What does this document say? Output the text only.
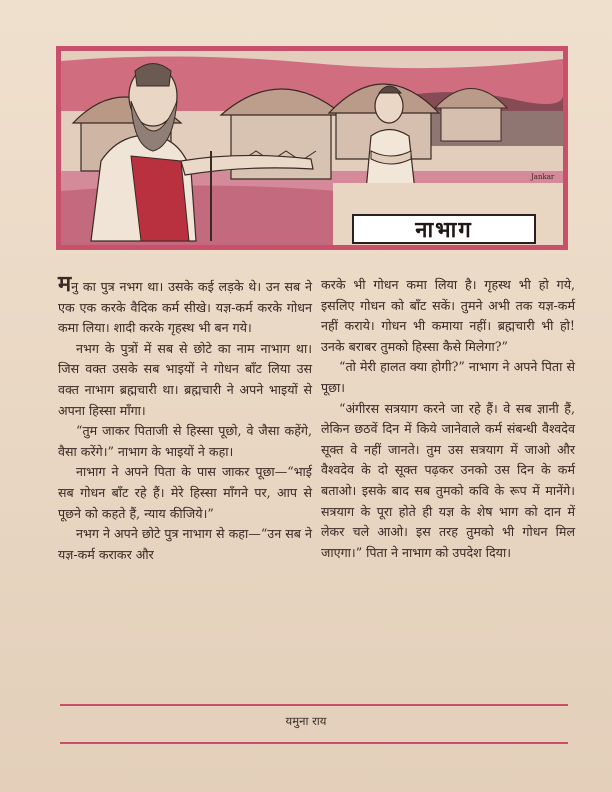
Jankar
नाभाग

मनु का पुत्र नभग था। उसके कई लड़के थे। उन सब ने एक एक करके वैदिक कर्म सीखे। यज्ञ-कर्म करके गोधन कमा लिया। शादी करके गृहस्थ भी बन गये।

नभग के पुत्रों में सब से छोटे का नाम नाभाग था। जिस वक्त उसके सब भाइयों ने गोधन बाँट लिया उस वक्त नाभाग ब्रह्मचारी था। ब्रह्मचारी ने अपने भाइयों से अपना हिस्सा माँगा।

“तुम जाकर पिताजी से हिस्सा पूछो, वे जैसा कहेंगे, वैसा करेंगे।” नाभाग के भाइयों ने कहा।

नाभाग ने अपने पिता के पास जाकर पूछा—“भाई सब गोधन बाँट रहे हैं। मेरे हिस्सा माँगने पर, आप से पूछने को कहते हैं, न्याय कीजिये।”

नभग ने अपने छोटे पुत्र नाभाग से कहा—“उन सब ने यज्ञ-कर्म कराकर और

करके भी गोधन कमा लिया है। गृहस्थ भी हो गये, इसलिए गोधन को बाँट सकें। तुमने अभी तक यज्ञ-कर्म नहीं कराये। गोधन भी कमाया नहीं। ब्रह्मचारी भी हो! उनके बराबर तुमको हिस्सा कैसे मिलेगा?”

“तो मेरी हालत क्या होगी?” नाभाग ने अपने पिता से पूछा।

“अंगीरस सत्रयाग करने जा रहे हैं। वे सब ज्ञानी हैं, लेकिन छठवें दिन में किये जानेवाले कर्म संबन्धी वैश्वदेव सूक्त वे नहीं जानते। तुम उस सत्रयाग में जाओ और वैश्वदेव के दो सूक्त पढ़कर उनको उस दिन के कर्म बताओ। इसके बाद सब तुमको कवि के रूप में मानेंगे। सत्रयाग के पूरा होते ही यज्ञ के शेष भाग को दान में लेकर चले आओ। इस तरह तुमको भी गोधन मिल जाएगा।” पिता ने नाभाग को उपदेश दिया।

यमुना राय
